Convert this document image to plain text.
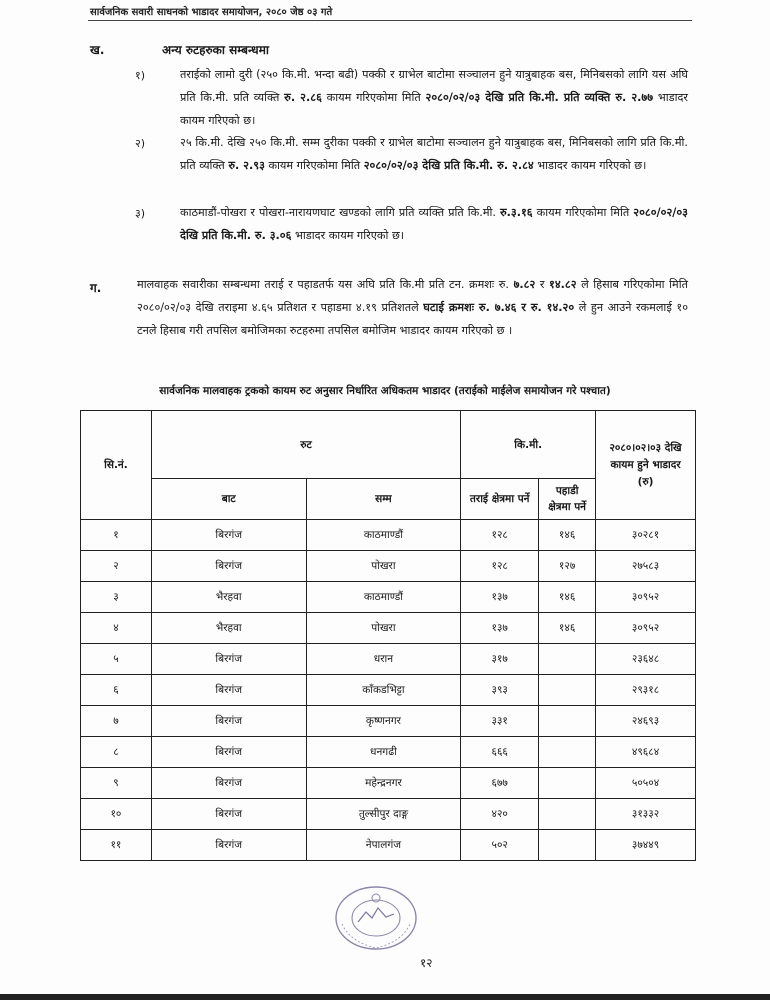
सार्वजनिक सवारी साधनको भाडादर समायोजन, २०८० जेष्ठ ०३ गते
ख.	अन्य रुटहरुका सम्बन्धमा
१)	तराईको लामो दुरी (२५० कि.मी. भन्दा बढी) पक्की र ग्राभेल बाटोमा सञ्चालन हुने यात्रुबाहक बस, मिनिबसको लागि यस अघि प्रति कि.मी. प्रति व्यक्ति रु. २.८६ कायम गरिएकोमा मिति २०८०/०२/०३ देखि प्रति कि.मी. प्रति व्यक्ति रु. २.७७ भाडादर कायम गरिएको छ।
२)	२५ कि.मी. देखि २५० कि.मी. सम्म दुरीका पक्की र ग्राभेल बाटोमा सञ्चालन हुने यात्रुबाहक बस, मिनिबसको लागि प्रति कि.मी. प्रति व्यक्ति रु. २.९३ कायम गरिएकोमा मिति २०८०/०२/०३ देखि प्रति कि.मी. रु. २.८४ भाडादर कायम गरिएको छ।
३)	काठमाडौं-पोखरा र पोखरा-नारायणघाट खण्डको लागि प्रति व्यक्ति प्रति कि.मी. रु.३.१६ कायम गरिएकोमा मिति २०८०/०२/०३ देखि प्रति कि.मी. रु. ३.०६ भाडादर कायम गरिएको छ।
ग.	मालवाहक सवारीका सम्बन्धमा तराई र पहाडतर्फ यस अघि प्रति कि.मी प्रति टन. क्रमशः रु. ७.८२ र १४.८२ ले हिसाब गरिएकोमा मिति २०८०/०२/०३ देखि तराइमा ४.६५ प्रतिशत र पहाडमा ४.१९ प्रतिशतले घटाई क्रमशः रु. ७.४६ र रु. १४.२० ले हुन आउने रकमलाई १० टनले हिसाब गरी तपसिल बमोजिमका रुटहरुमा तपसिल बमोजिम भाडादर कायम गरिएको छ ।
सार्वजनिक मालवाहक ट्रकको कायम रुट अनुसार निर्धारित अधिकतम भाडादर (तराईको माईलेज समायोजन गरे पश्चात)
सि.नं.	रुट		कि.मी.		२०८०।०२।०३ देखि कायम हुने भाडादर (रु)
	बाट	सम्म	तराई क्षेत्रमा पर्ने	पहाडी क्षेत्रमा पर्ने	
१	बिरगंज	काठमाण्डौं	१२८	१४६	३०२८१
२	बिरगंज	पोखरा	१२८	१२७	२७५८३
३	भैरहवा	काठमाण्डौं	१३७	१४६	३०९५२
४	भैरहवा	पोखरा	१३७	१४६	३०९५२
५	बिरगंज	धरान	३१७		२३६४८
६	बिरगंज	काँकडभिट्टा	३९३		२९३१८
७	बिरगंज	कृष्णनगर	३३१		२४६९३
८	बिरगंज	धनगढी	६६६		४९६८४
९	बिरगंज	महेन्द्रनगर	६७७		५०५०४
१०	बिरगंज	तुल्सीपुर दाङ्ग	४२०		३१३३२
११	बिरगंज	नेपालगंज	५०२		३७४४९
१२
